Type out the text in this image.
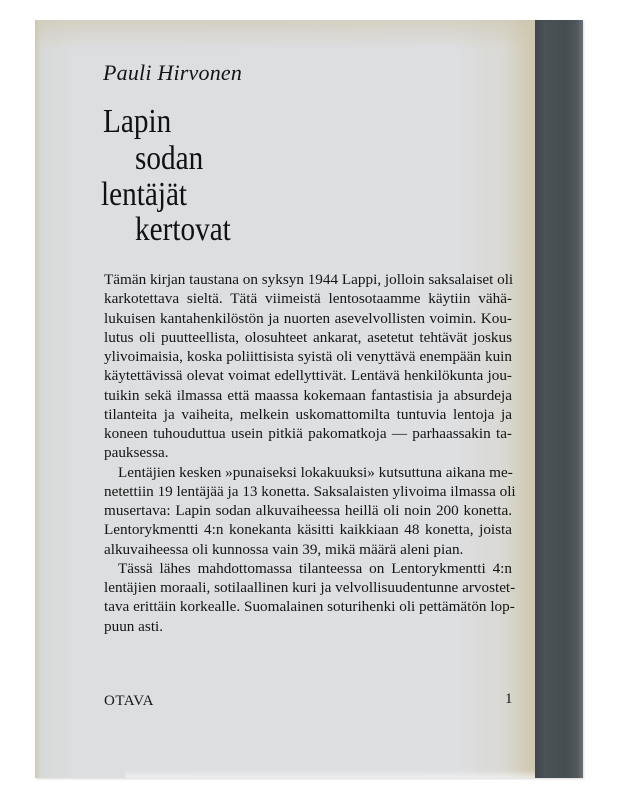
Pauli Hirvonen
Lapin
sodan
lentäjät
kertovat
Tämän kirjan taustana on syksyn 1944 Lappi, jolloin saksalaiset oli
karkotettava sieltä. Tätä viimeistä lentosotaamme käytiin vähä-
lukuisen kantahenkilöstön ja nuorten asevelvollisten voimin. Kou-
lutus oli puutteellista, olosuhteet ankarat, asetetut tehtävät joskus
ylivoimaisia, koska poliittisista syistä oli venyttävä enempään kuin
käytettävissä olevat voimat edellyttivät. Lentävä henkilökunta jou-
tuikin sekä ilmassa että maassa kokemaan fantastisia ja absurdeja
tilanteita ja vaiheita, melkein uskomattomilta tuntuvia lentoja ja
koneen tuhouduttua usein pitkiä pakomatkoja — parhaassakin ta-
pauksessa.
Lentäjien kesken »punaiseksi lokakuuksi» kutsuttuna aikana me-
netettiin 19 lentäjää ja 13 konetta. Saksalaisten ylivoima ilmassa oli
musertava: Lapin sodan alkuvaiheessa heillä oli noin 200 konetta.
Lentorykmentti 4:n konekanta käsitti kaikkiaan 48 konetta, joista
alkuvaiheessa oli kunnossa vain 39, mikä määrä aleni pian.
Tässä lähes mahdottomassa tilanteessa on Lentorykmentti 4:n
lentäjien moraali, sotilaallinen kuri ja velvollisuudentunne arvostet-
tava erittäin korkealle. Suomalainen soturihenki oli pettämätön lop-
puun asti.
OTAVA	1
